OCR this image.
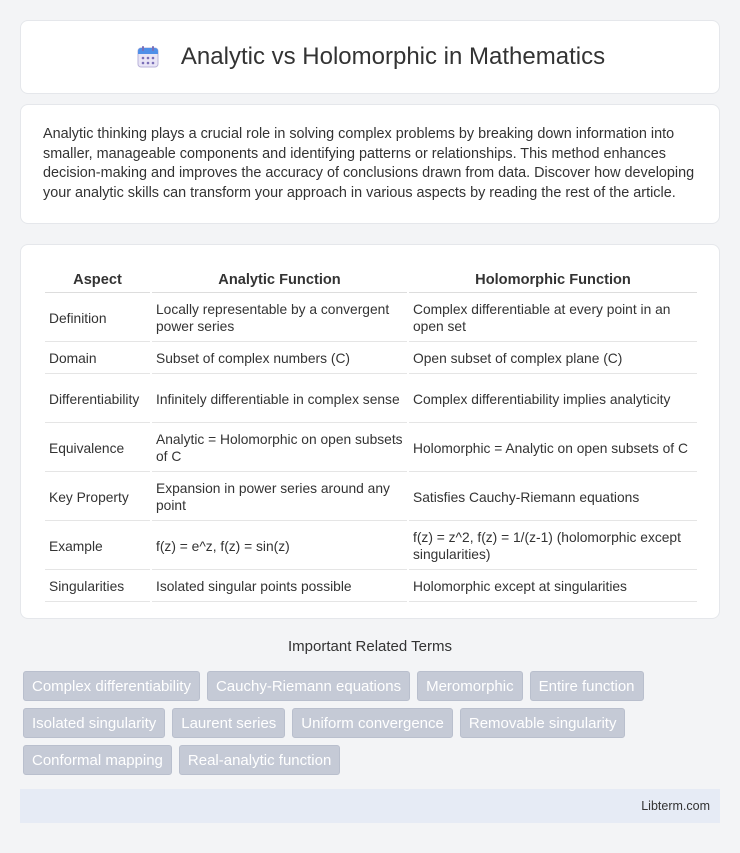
Analytic vs Holomorphic in Mathematics

Analytic thinking plays a crucial role in solving complex problems by breaking down information into smaller, manageable components and identifying patterns or relationships. This method enhances decision-making and improves the accuracy of conclusions drawn from data. Discover how developing your analytic skills can transform your approach in various aspects by reading the rest of the article.

Aspect	Analytic Function	Holomorphic Function
Definition	Locally representable by a convergent power series	Complex differentiable at every point in an open set
Domain	Subset of complex numbers (C)	Open subset of complex plane (C)
Differentiability	Infinitely differentiable in complex sense	Complex differentiability implies analyticity
Equivalence	Analytic = Holomorphic on open subsets of C	Holomorphic = Analytic on open subsets of C
Key Property	Expansion in power series around any point	Satisfies Cauchy-Riemann equations
Example	f(z) = e^z, f(z) = sin(z)	f(z) = z^2, f(z) = 1/(z-1) (holomorphic except singularities)
Singularities	Isolated singular points possible	Holomorphic except at singularities
Important Related Terms
Complex differentiability	Cauchy-Riemann equations	Meromorphic	Entire function
Isolated singularity	Laurent series	Uniform convergence	Removable singularity
Conformal mapping	Real-analytic function
Libterm.com
